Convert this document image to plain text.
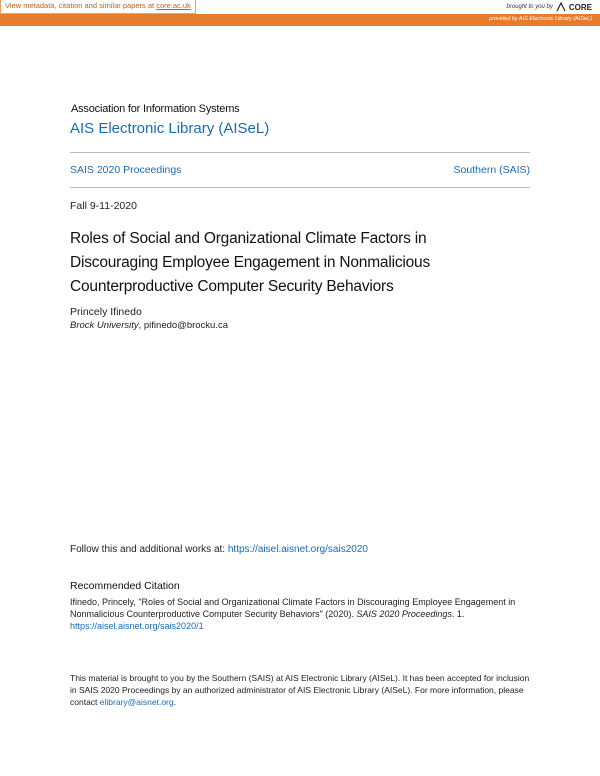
View metadata, citation and similar papers at core.ac.uk	brought to you by CORE
provided by AIS Electronic Library (AISeL)
Association for Information Systems
AIS Electronic Library (AISeL)
SAIS 2020 Proceedings	Southern (SAIS)
Fall 9-11-2020
Roles of Social and Organizational Climate Factors in
Discouraging Employee Engagement in Nonmalicious
Counterproductive Computer Security Behaviors
Princely Ifinedo
Brock University, pifinedo@brocku.ca
Follow this and additional works at: https://aisel.aisnet.org/sais2020
Recommended Citation
Ifinedo, Princely, "Roles of Social and Organizational Climate Factors in Discouraging Employee Engagement in Nonmalicious Counterproductive Computer Security Behaviors" (2020). SAIS 2020 Proceedings. 1.
https://aisel.aisnet.org/sais2020/1
This material is brought to you by the Southern (SAIS) at AIS Electronic Library (AISeL). It has been accepted for inclusion in SAIS 2020 Proceedings by an authorized administrator of AIS Electronic Library (AISeL). For more information, please contact elibrary@aisnet.org.
